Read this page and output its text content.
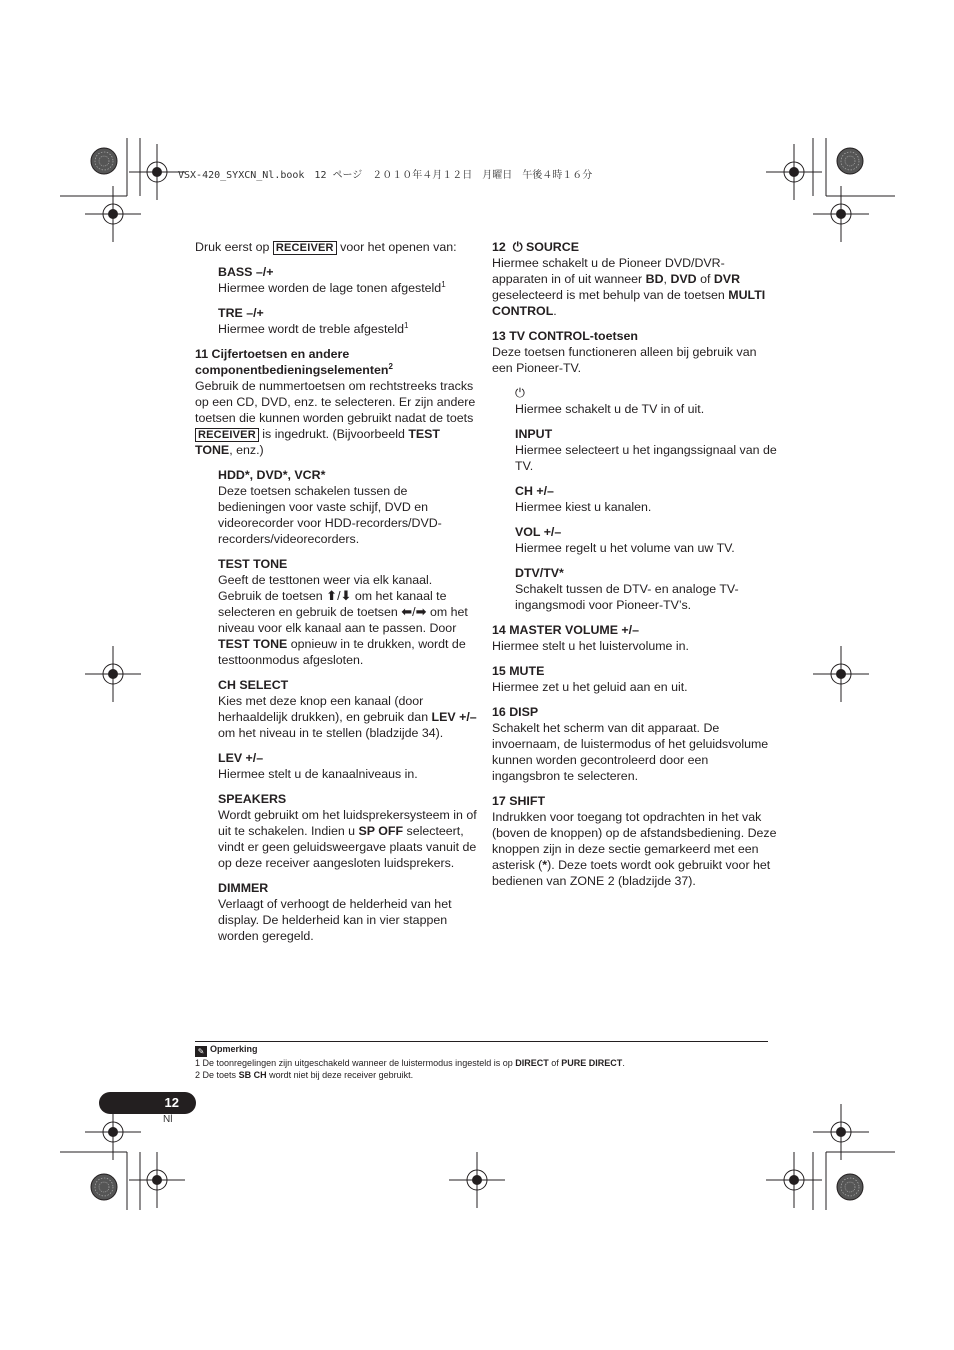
VSX-420_SYXCN_Nl.book　12 ページ　２０１０年４月１２日　月曜日　午後４時１６分

Druk eerst op RECEIVER voor het openen van:

BASS –/+

Hiermee worden de lage tonen afgesteld$^1$

TRE –/+

Hiermee wordt de treble afgesteld$^1$

11 Cijfertoetsen en andere componentbedieningselementen$^2$

Gebruik de nummertoetsen om rechtstreeks tracks op een CD, DVD, enz. te selecteren. Er zijn andere toetsen die kunnen worden gebruikt nadat de toets RECEIVER is ingedrukt. (Bijvoorbeeld TEST TONE, enz.)

HDD*, DVD*, VCR*

Deze toetsen schakelen tussen de bedieningen voor vaste schijf, DVD en videorecorder voor HDD-recorders/DVD-recorders/videorecorders.

TEST TONE

Geeft de testtonen weer via elk kanaal.

Gebruik de toetsen ⬆/⬇ om het kanaal te selecteren en gebruik de toetsen ⬅/➡ om het niveau voor elk kanaal aan te passen. Door TEST TONE opnieuw in te drukken, wordt de testtoonmodus afgesloten.

CH SELECT

Kies met deze knop een kanaal (door herhaaldelijk drukken), en gebruik dan LEV +/– om het niveau in te stellen (bladzijde 34).

LEV +/–

Hiermee stelt u de kanaalniveaus in.

SPEAKERS

Wordt gebruikt om het luidsprekersysteem in of uit te schakelen. Indien u SP OFF selecteert, vindt er geen geluidsweergave plaats vanuit de op deze receiver aangesloten luidsprekers.

DIMMER

Verlaagt of verhoogt de helderheid van het display. De helderheid kan in vier stappen worden geregeld.

12 ⏻ SOURCE

Hiermee schakelt u de Pioneer DVD/DVR-apparaten in of uit wanneer BD, DVD of DVR geselecteerd is met behulp van de toetsen MULTI CONTROL.

13 TV CONTROL-toetsen

Deze toetsen functioneren alleen bij gebruik van een Pioneer-TV.

⏻

Hiermee schakelt u de TV in of uit.

INPUT

Hiermee selecteert u het ingangssignaal van de TV.

CH +/–

Hiermee kiest u kanalen.

VOL +/–

Hiermee regelt u het volume van uw TV.

DTV/TV*

Schakelt tussen de DTV- en analoge TV-ingangsmodi voor Pioneer-TV’s.

14 MASTER VOLUME +/–

Hiermee stelt u het luistervolume in.

15 MUTE

Hiermee zet u het geluid aan en uit.

16 DISP

Schakelt het scherm van dit apparaat. De invoernaam, de luistermodus of het geluidsvolume kunnen worden gecontroleerd door een ingangsbron te selecteren.

17 SHIFT

Indrukken voor toegang tot opdrachten in het vak (boven de knoppen) op de afstandsbediening. Deze knoppen zijn in deze sectie gemarkeerd met een asterisk (*). Deze toets wordt ook gebruikt voor het bedienen van ZONE 2 (bladzijde 37).

✎ Opmerking

1 De toonregelingen zijn uitgeschakeld wanneer de luistermodus ingesteld is op DIRECT of PURE DIRECT.

2 De toets SB CH wordt niet bij deze receiver gebruikt.

12
Nl
